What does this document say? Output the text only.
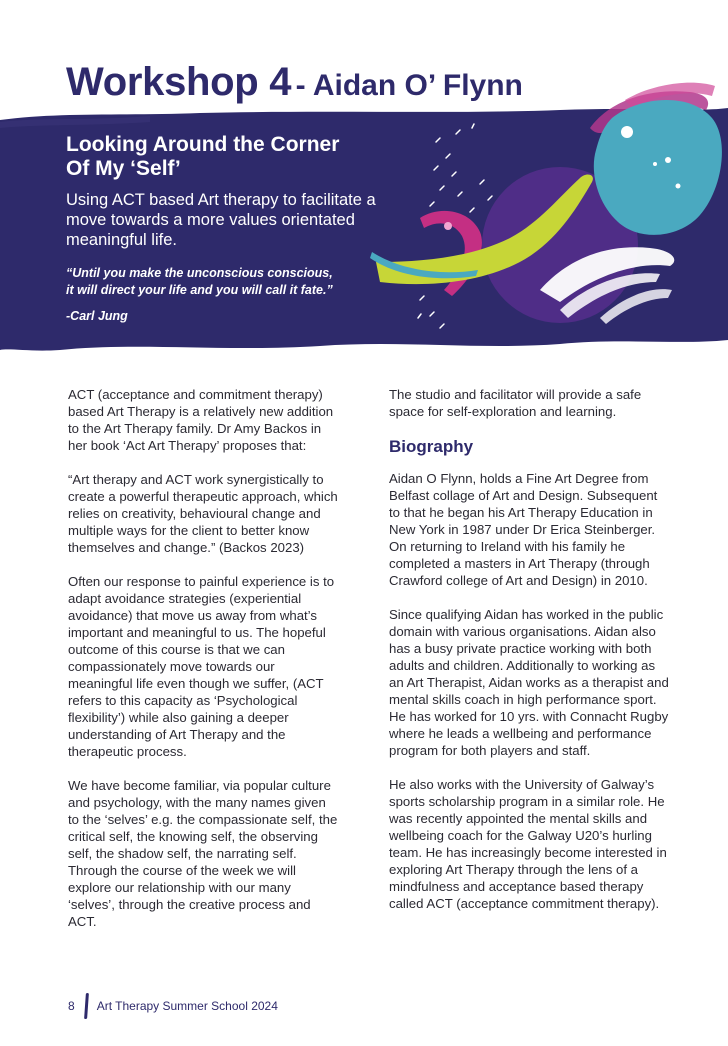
Workshop 4 - Aidan O’ Flynn
Looking Around the Corner
Of My ‘Self’

Using ACT based Art therapy to facilitate a move towards a more values orientated meaningful life.

“Until you make the unconscious conscious,
it will direct your life and you will call it fate.”
-Carl Jung

ACT (acceptance and commitment therapy) based Art Therapy is a relatively new addition to the Art Therapy family. Dr Amy Backos in her book ‘Act Art Therapy’ proposes that:

“Art therapy and ACT work synergistically to create a powerful therapeutic approach, which relies on creativity, behavioural change and multiple ways for the client to better know themselves and change.” (Backos 2023)

Often our response to painful experience is to adapt avoidance strategies (experiential avoidance) that move us away from what’s important and meaningful to us. The hopeful outcome of this course is that we can compassionately move towards our meaningful life even though we suffer, (ACT refers to this capacity as ‘Psychological flexibility’) while also gaining a deeper understanding of Art Therapy and the therapeutic process.

We have become familiar, via popular culture and psychology, with the many names given to the ‘selves’ e.g. the compassionate self, the critical self, the knowing self, the observing self, the shadow self, the narrating self. Through the course of the week we will explore our relationship with our many ‘selves’, through the creative process and ACT.

The studio and facilitator will provide a safe space for self-exploration and learning.

Biography

Aidan O Flynn, holds a Fine Art Degree from Belfast collage of Art and Design. Subsequent to that he began his Art Therapy Education in New York in 1987 under Dr Erica Steinberger. On returning to Ireland with his family he completed a masters in Art Therapy (through Crawford college of Art and Design) in 2010.

Since qualifying Aidan has worked in the public domain with various organisations. Aidan also has a busy private practice working with both adults and children. Additionally to working as an Art Therapist, Aidan works as a therapist and mental skills coach in high performance sport. He has worked for 10 yrs. with Connacht Rugby where he leads a wellbeing and performance program for both players and staff.

He also works with the University of Galway’s sports scholarship program in a similar role. He was recently appointed the mental skills and wellbeing coach for the Galway U20’s hurling team. He has increasingly become interested in exploring Art Therapy through the lens of a mindfulness and acceptance based therapy called ACT (acceptance commitment therapy).

8 Art Therapy Summer School 2024
